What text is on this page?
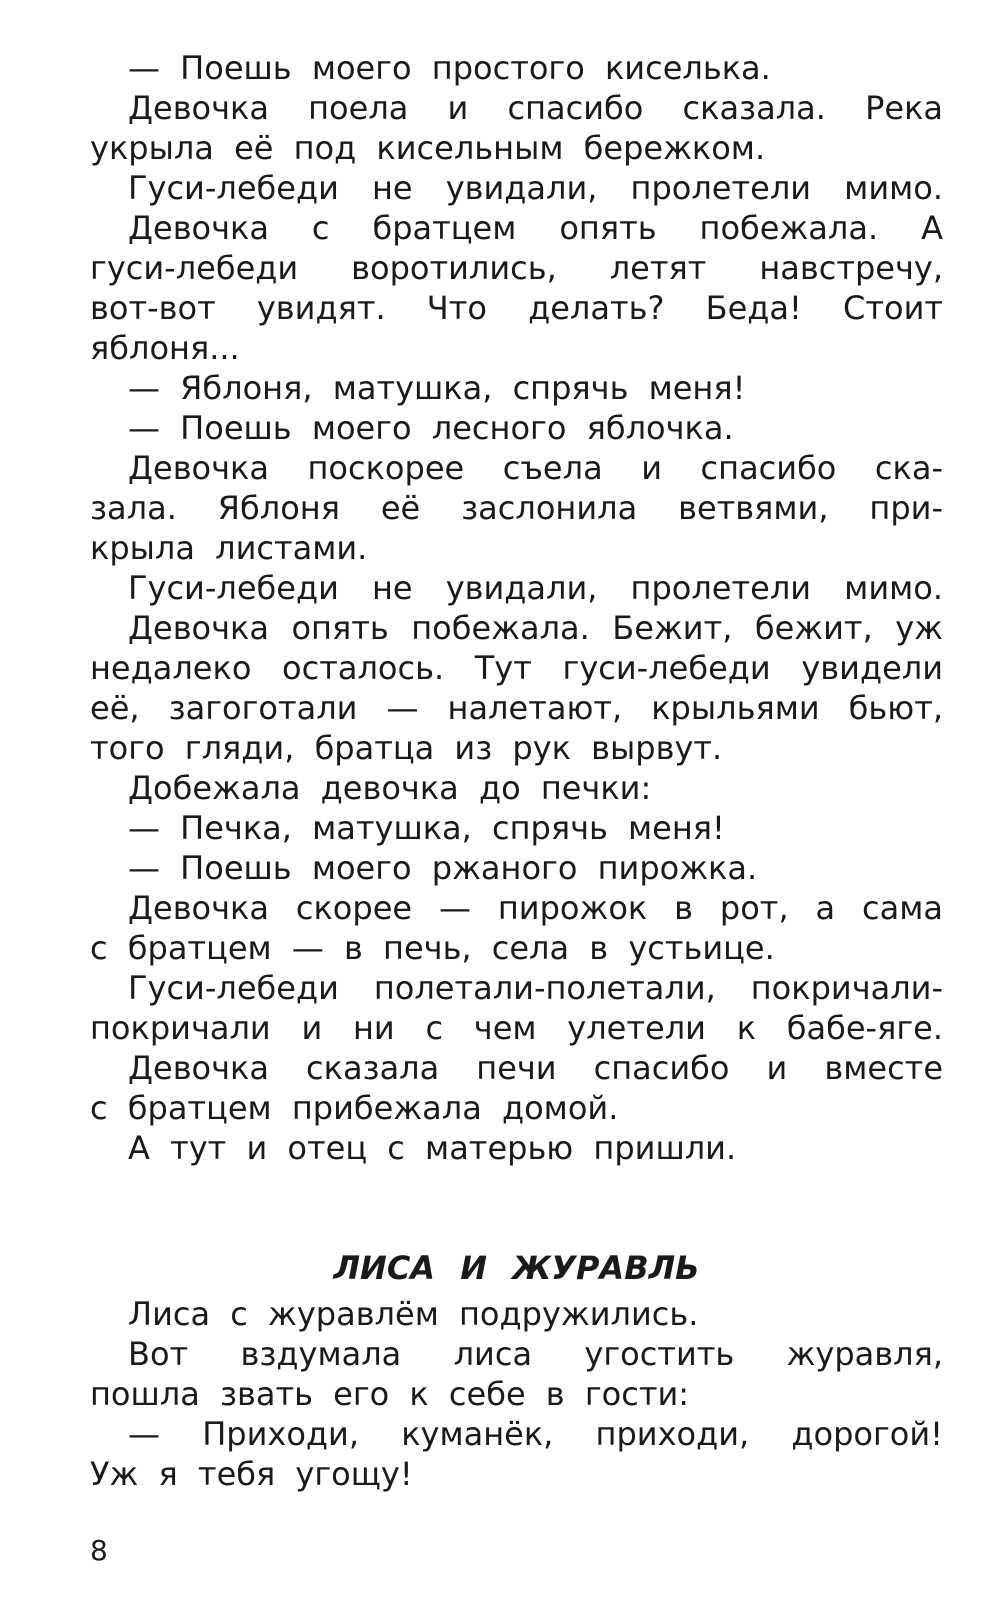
— Поешь моего простого киселька.
Девочка поела и спасибо сказала. Река
укрыла её под кисельным бережком.
Гуси-лебеди не увидали, пролетели мимо.
Девочка с братцем опять побежала. А
гуси-лебеди воротились, летят навстречу,
вот-вот увидят. Что делать? Беда! Стоит
яблоня...
— Яблоня, матушка, спрячь меня!
— Поешь моего лесного яблочка.
Девочка поскорее съела и спасибо ска-
зала. Яблоня её заслонила ветвями, при-
крыла листами.
Гуси-лебеди не увидали, пролетели мимо.
Девочка опять побежала. Бежит, бежит, уж
недалеко осталось. Тут гуси-лебеди увидели
её, загоготали — налетают, крыльями бьют,
того гляди, братца из рук вырвут.
Добежала девочка до печки:
— Печка, матушка, спрячь меня!
— Поешь моего ржаного пирожка.
Девочка скорее — пирожок в рот, а сама
с братцем — в печь, села в устьице.
Гуси-лебеди полетали-полетали, покричали-
покричали и ни с чем улетели к бабе-яге.
Девочка сказала печи спасибо и вместе
с братцем прибежала домой.
А тут и отец с матерью пришли.
ЛИСА И ЖУРАВЛЬ
Лиса с журавлём подружились.
Вот вздумала лиса угостить журавля,
пошла звать его к себе в гости:
— Приходи, куманёк, приходи, дорогой!
Уж я тебя угощу!
8
